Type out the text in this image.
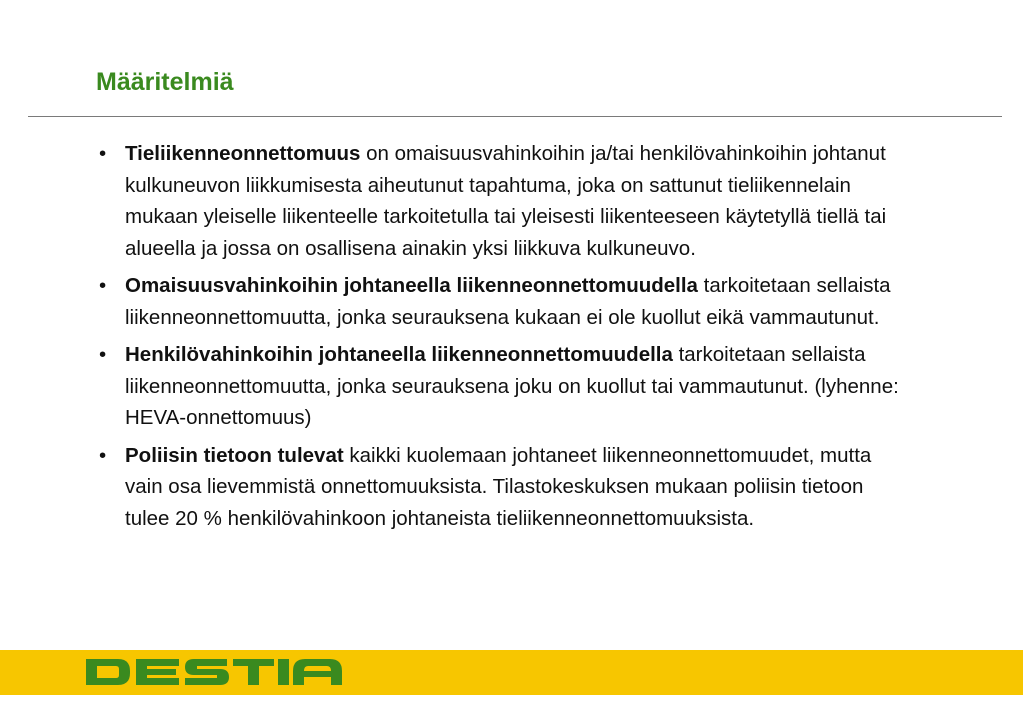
Määritelmiä
• Tieliikenneonnettomuus on omaisuusvahinkoihin ja/tai henkilövahinkoihin johtanut kulkuneuvon liikkumisesta aiheutunut tapahtuma, joka on sattunut tieliikennelain mukaan yleiselle liikenteelle tarkoitetulla tai yleisesti liikenteeseen käytetyllä tiellä tai alueella ja jossa on osallisena ainakin yksi liikkuva kulkuneuvo.
• Omaisuusvahinkoihin johtaneella liikenneonnettomuudella tarkoitetaan sellaista liikenneonnettomuutta, jonka seurauksena kukaan ei ole kuollut eikä vammautunut.
• Henkilövahinkoihin johtaneella liikenneonnettomuudella tarkoitetaan sellaista liikenneonnettomuutta, jonka seurauksena joku on kuollut tai vammautunut. (lyhenne: HEVA-onnettomuus)
• Poliisin tietoon tulevat kaikki kuolemaan johtaneet liikenneonnettomuudet, mutta vain osa lievemmistä onnettomuuksista. Tilastokeskuksen mukaan poliisin tietoon tulee 20 % henkilövahinkoon johtaneista tieliikenneonnettomuuksista.
